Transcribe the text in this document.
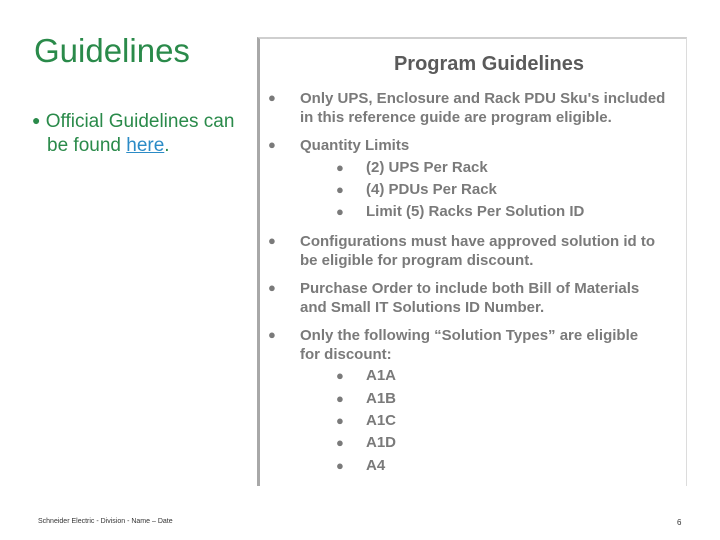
Guidelines
● Official Guidelines can
be found here.
Program Guidelines
● Only UPS, Enclosure and Rack PDU Sku's included
in this reference guide are program eligible.
● Quantity Limits
● (2) UPS Per Rack
● (4) PDUs Per Rack
● Limit (5) Racks Per Solution ID
● Configurations must have approved solution id to
be eligible for program discount.
● Purchase Order to include both Bill of Materials
and Small IT Solutions ID Number.
● Only the following “Solution Types” are eligible
for discount:
● A1A
● A1B
● A1C
● A1D
● A4
Schneider Electric - Division - Name – Date	6
